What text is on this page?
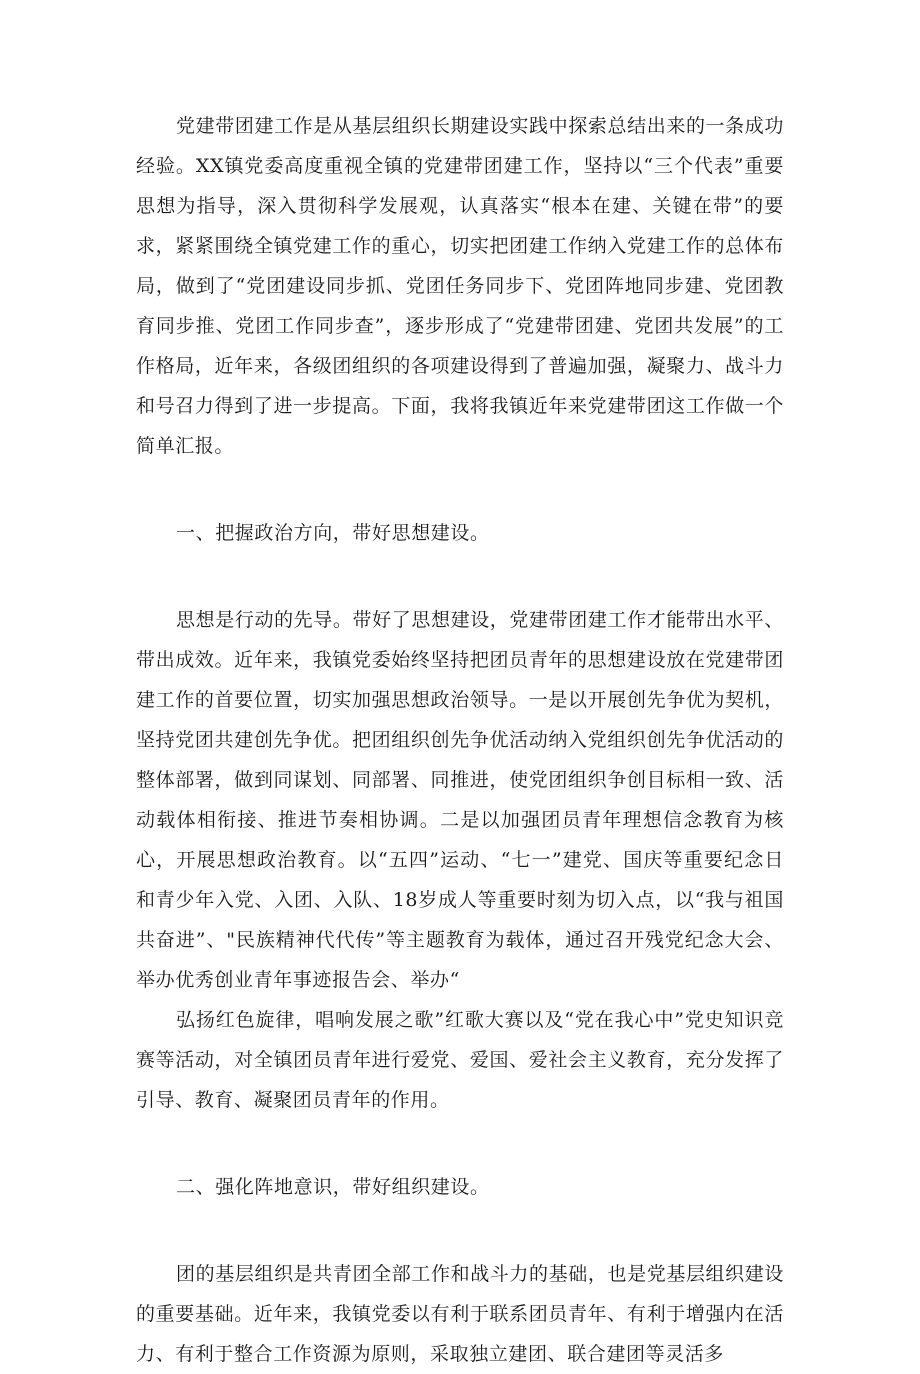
党建带团建工作是从基层组织长期建设实践中探索总结出来的一条成功经验。XX镇党委高度重视全镇的党建带团建工作，坚持以“三个代表”重要思想为指导，深入贯彻科学发展观，认真落实“根本在建、关键在带”的要求，紧紧围绕全镇党建工作的重心，切实把团建工作纳入党建工作的总体布局，做到了“党团建设同步抓、党团任务同步下、党团阵地同步建、党团教育同步推、党团工作同步查”，逐步形成了“党建带团建、党团共发展”的工作格局，近年来，各级团组织的各项建设得到了普遍加强，凝聚力、战斗力和号召力得到了进一步提高。下面，我将我镇近年来党建带团这工作做一个简单汇报。

一、把握政治方向，带好思想建设。

思想是行动的先导。带好了思想建设，党建带团建工作才能带出水平、带出成效。近年来，我镇党委始终坚持把团员青年的思想建设放在党建带团建工作的首要位置，切实加强思想政治领导。一是以开展创先争优为契机，坚持党团共建创先争优。把团组织创先争优活动纳入党组织创先争优活动的整体部署，做到同谋划、同部署、同推进，使党团组织争创目标相一致、活动载体相衔接、推进节奏相协调。二是以加强团员青年理想信念教育为核心，开展思想政治教育。以“五四”运动、“七一”建党、国庆等重要纪念日和青少年入党、入团、入队、18岁成人等重要时刻为切入点，以“我与祖国共奋进”、"民族精神代代传”等主题教育为载体，通过召开残党纪念大会、举办优秀创业青年事迹报告会、举办“

弘扬红色旋律，唱响发展之歌”红歌大赛以及“党在我心中”党史知识竞赛等活动，对全镇团员青年进行爱党、爱国、爱社会主义教育，充分发挥了引导、教育、凝聚团员青年的作用。

二、强化阵地意识，带好组织建设。

团的基层组织是共青团全部工作和战斗力的基础，也是党基层组织建设的重要基础。近年来，我镇党委以有利于联系团员青年、有利于增强内在活力、有利于整合工作资源为原则，采取独立建团、联合建团等灵活多
